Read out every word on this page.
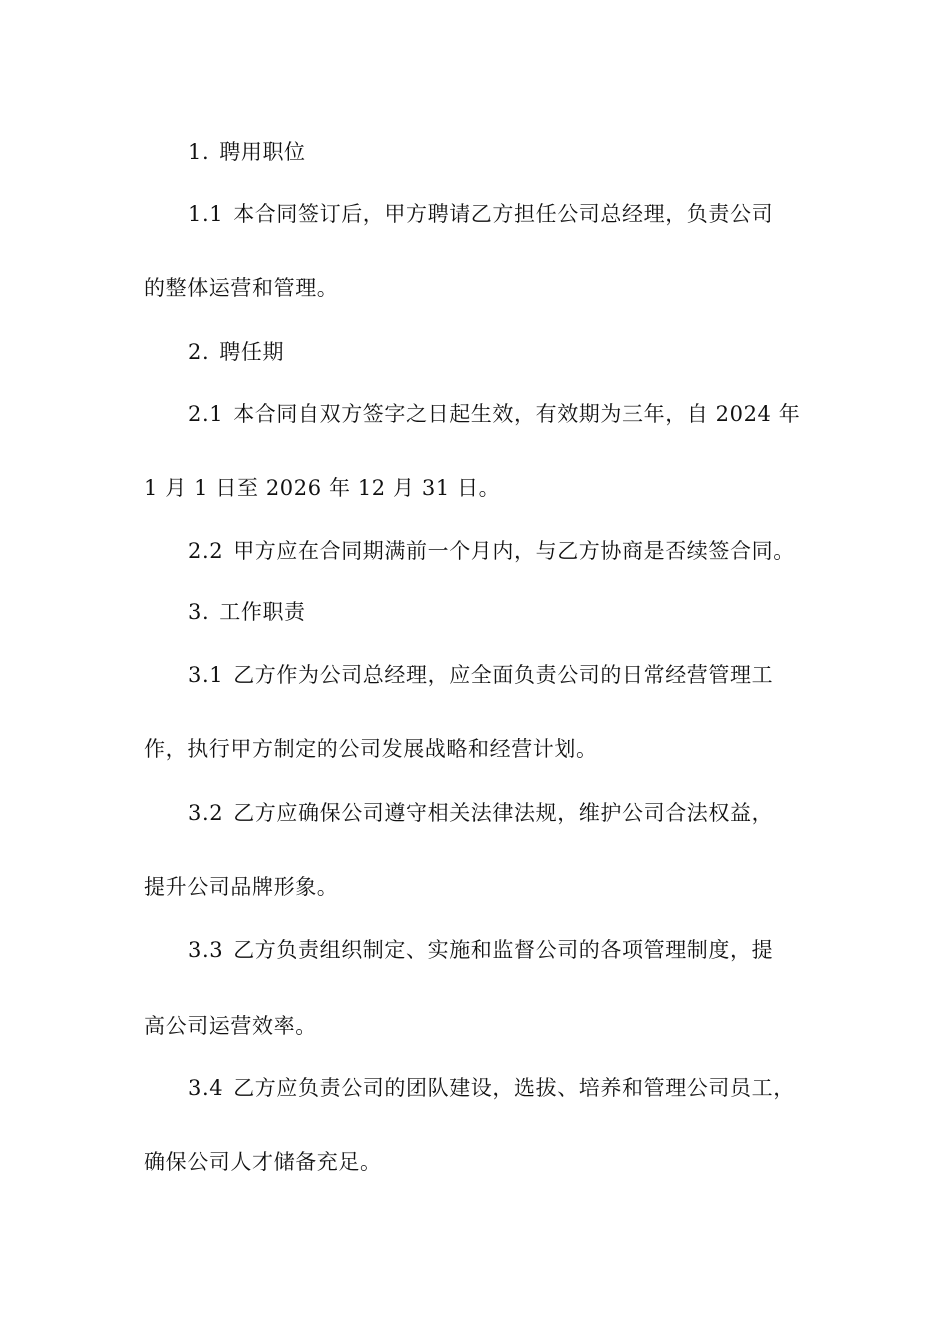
1. 聘用职位
1.1 本合同签订后，甲方聘请乙方担任公司总经理，负责公司
的整体运营和管理。
2. 聘任期
2.1 本合同自双方签字之日起生效，有效期为三年，自 2024 年
1 月 1 日至 2026 年 12 月 31 日。
2.2 甲方应在合同期满前一个月内，与乙方协商是否续签合同。
3. 工作职责
3.1 乙方作为公司总经理，应全面负责公司的日常经营管理工
作，执行甲方制定的公司发展战略和经营计划。
3.2 乙方应确保公司遵守相关法律法规，维护公司合法权益，
提升公司品牌形象。
3.3 乙方负责组织制定、实施和监督公司的各项管理制度，提
高公司运营效率。
3.4 乙方应负责公司的团队建设，选拔、培养和管理公司员工，
确保公司人才储备充足。
